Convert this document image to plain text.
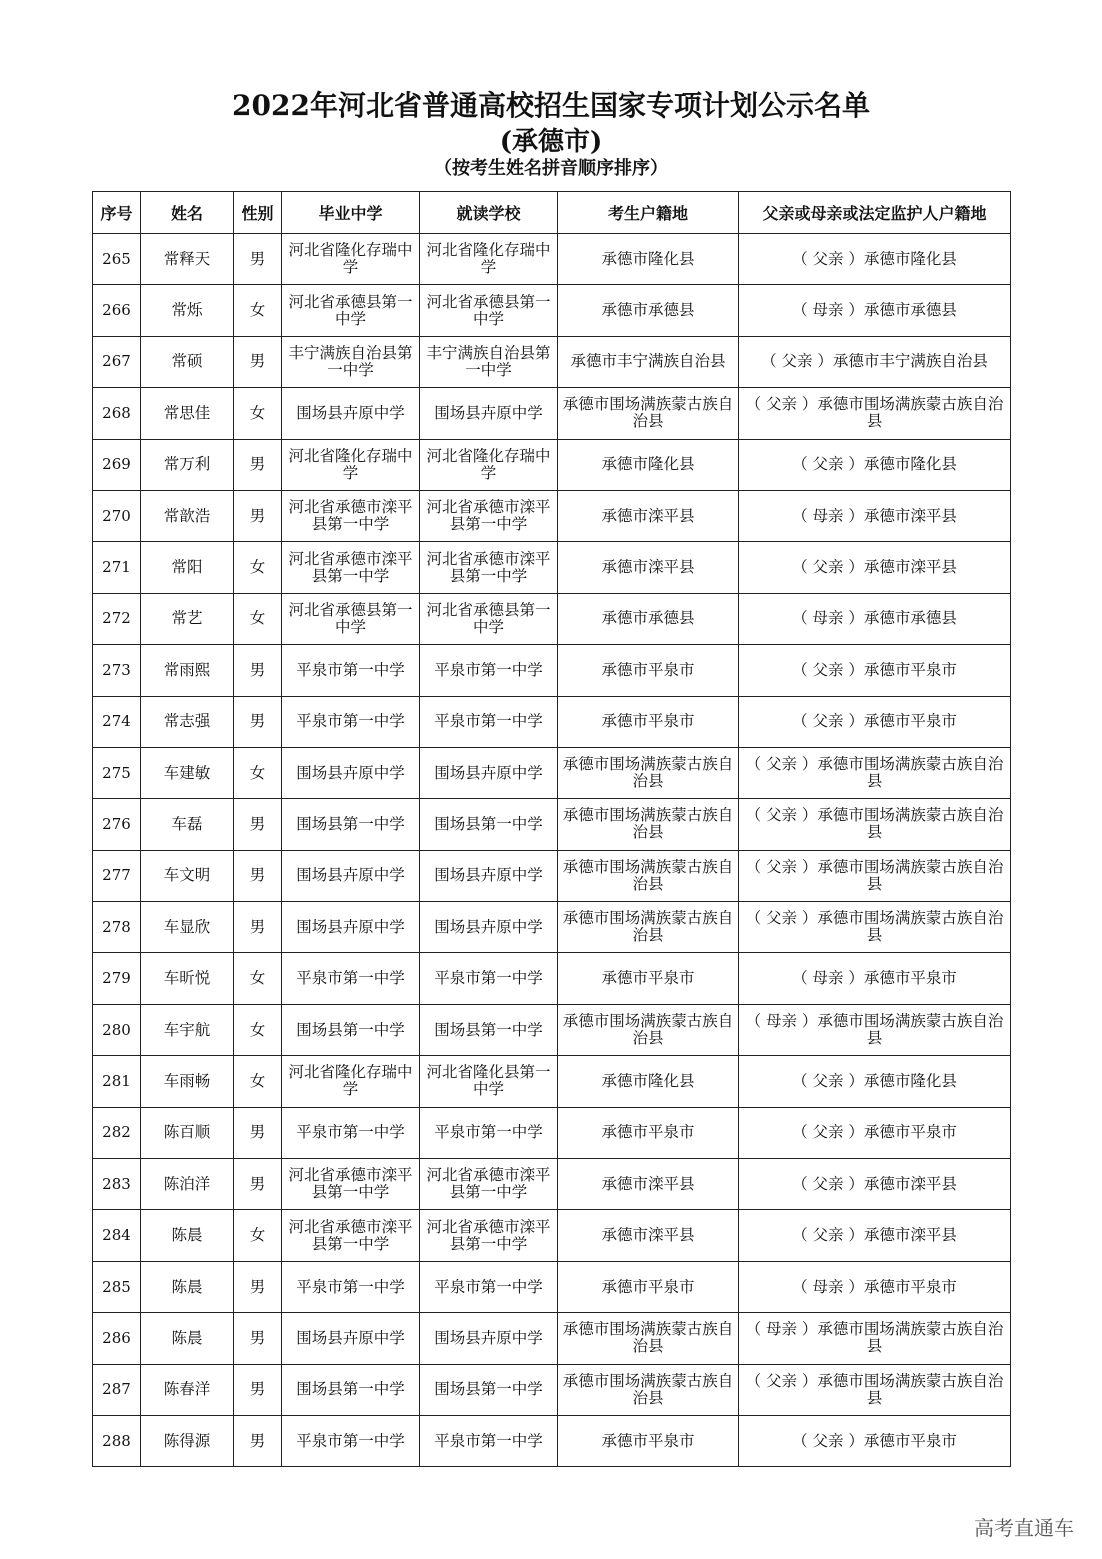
2022年河北省普通高校招生国家专项计划公示名单
(承德市)
（按考生姓名拼音顺序排序）
序号	姓名	性别	毕业中学	就读学校	考生户籍地	父亲或母亲或法定监护人户籍地
265	常释天	男	河北省隆化存瑞中学	河北省隆化存瑞中学	承德市隆化县	（ 父亲 ）承德市隆化县
266	常烁	女	河北省承德县第一中学	河北省承德县第一中学	承德市承德县	（ 母亲 ）承德市承德县
267	常硕	男	丰宁满族自治县第一中学	丰宁满族自治县第一中学	承德市丰宁满族自治县	（ 父亲 ）承德市丰宁满族自治县
268	常思佳	女	围场县卉原中学	围场县卉原中学	承德市围场满族蒙古族自治县	（ 父亲 ）承德市围场满族蒙古族自治县
269	常万利	男	河北省隆化存瑞中学	河北省隆化存瑞中学	承德市隆化县	（ 父亲 ）承德市隆化县
270	常歆浩	男	河北省承德市滦平县第一中学	河北省承德市滦平县第一中学	承德市滦平县	（ 母亲 ）承德市滦平县
271	常阳	女	河北省承德市滦平县第一中学	河北省承德市滦平县第一中学	承德市滦平县	（ 父亲 ）承德市滦平县
272	常艺	女	河北省承德县第一中学	河北省承德县第一中学	承德市承德县	（ 母亲 ）承德市承德县
273	常雨熙	男	平泉市第一中学	平泉市第一中学	承德市平泉市	（ 父亲 ）承德市平泉市
274	常志强	男	平泉市第一中学	平泉市第一中学	承德市平泉市	（ 父亲 ）承德市平泉市
275	车建敏	女	围场县卉原中学	围场县卉原中学	承德市围场满族蒙古族自治县	（ 父亲 ）承德市围场满族蒙古族自治县
276	车磊	男	围场县第一中学	围场县第一中学	承德市围场满族蒙古族自治县	（ 父亲 ）承德市围场满族蒙古族自治县
277	车文明	男	围场县卉原中学	围场县卉原中学	承德市围场满族蒙古族自治县	（ 父亲 ）承德市围场满族蒙古族自治县
278	车显欣	男	围场县卉原中学	围场县卉原中学	承德市围场满族蒙古族自治县	（ 父亲 ）承德市围场满族蒙古族自治县
279	车昕悦	女	平泉市第一中学	平泉市第一中学	承德市平泉市	（ 母亲 ）承德市平泉市
280	车宇航	女	围场县第一中学	围场县第一中学	承德市围场满族蒙古族自治县	（ 母亲 ）承德市围场满族蒙古族自治县
281	车雨畅	女	河北省隆化存瑞中学	河北省隆化县第一中学	承德市隆化县	（ 父亲 ）承德市隆化县
282	陈百顺	男	平泉市第一中学	平泉市第一中学	承德市平泉市	（ 父亲 ）承德市平泉市
283	陈泊洋	男	河北省承德市滦平县第一中学	河北省承德市滦平县第一中学	承德市滦平县	（ 父亲 ）承德市滦平县
284	陈晨	女	河北省承德市滦平县第一中学	河北省承德市滦平县第一中学	承德市滦平县	（ 父亲 ）承德市滦平县
285	陈晨	男	平泉市第一中学	平泉市第一中学	承德市平泉市	（ 母亲 ）承德市平泉市
286	陈晨	男	围场县卉原中学	围场县卉原中学	承德市围场满族蒙古族自治县	（ 母亲 ）承德市围场满族蒙古族自治县
287	陈春洋	男	围场县第一中学	围场县第一中学	承德市围场满族蒙古族自治县	（ 父亲 ）承德市围场满族蒙古族自治县
288	陈得源	男	平泉市第一中学	平泉市第一中学	承德市平泉市	（ 父亲 ）承德市平泉市
高考直通车
